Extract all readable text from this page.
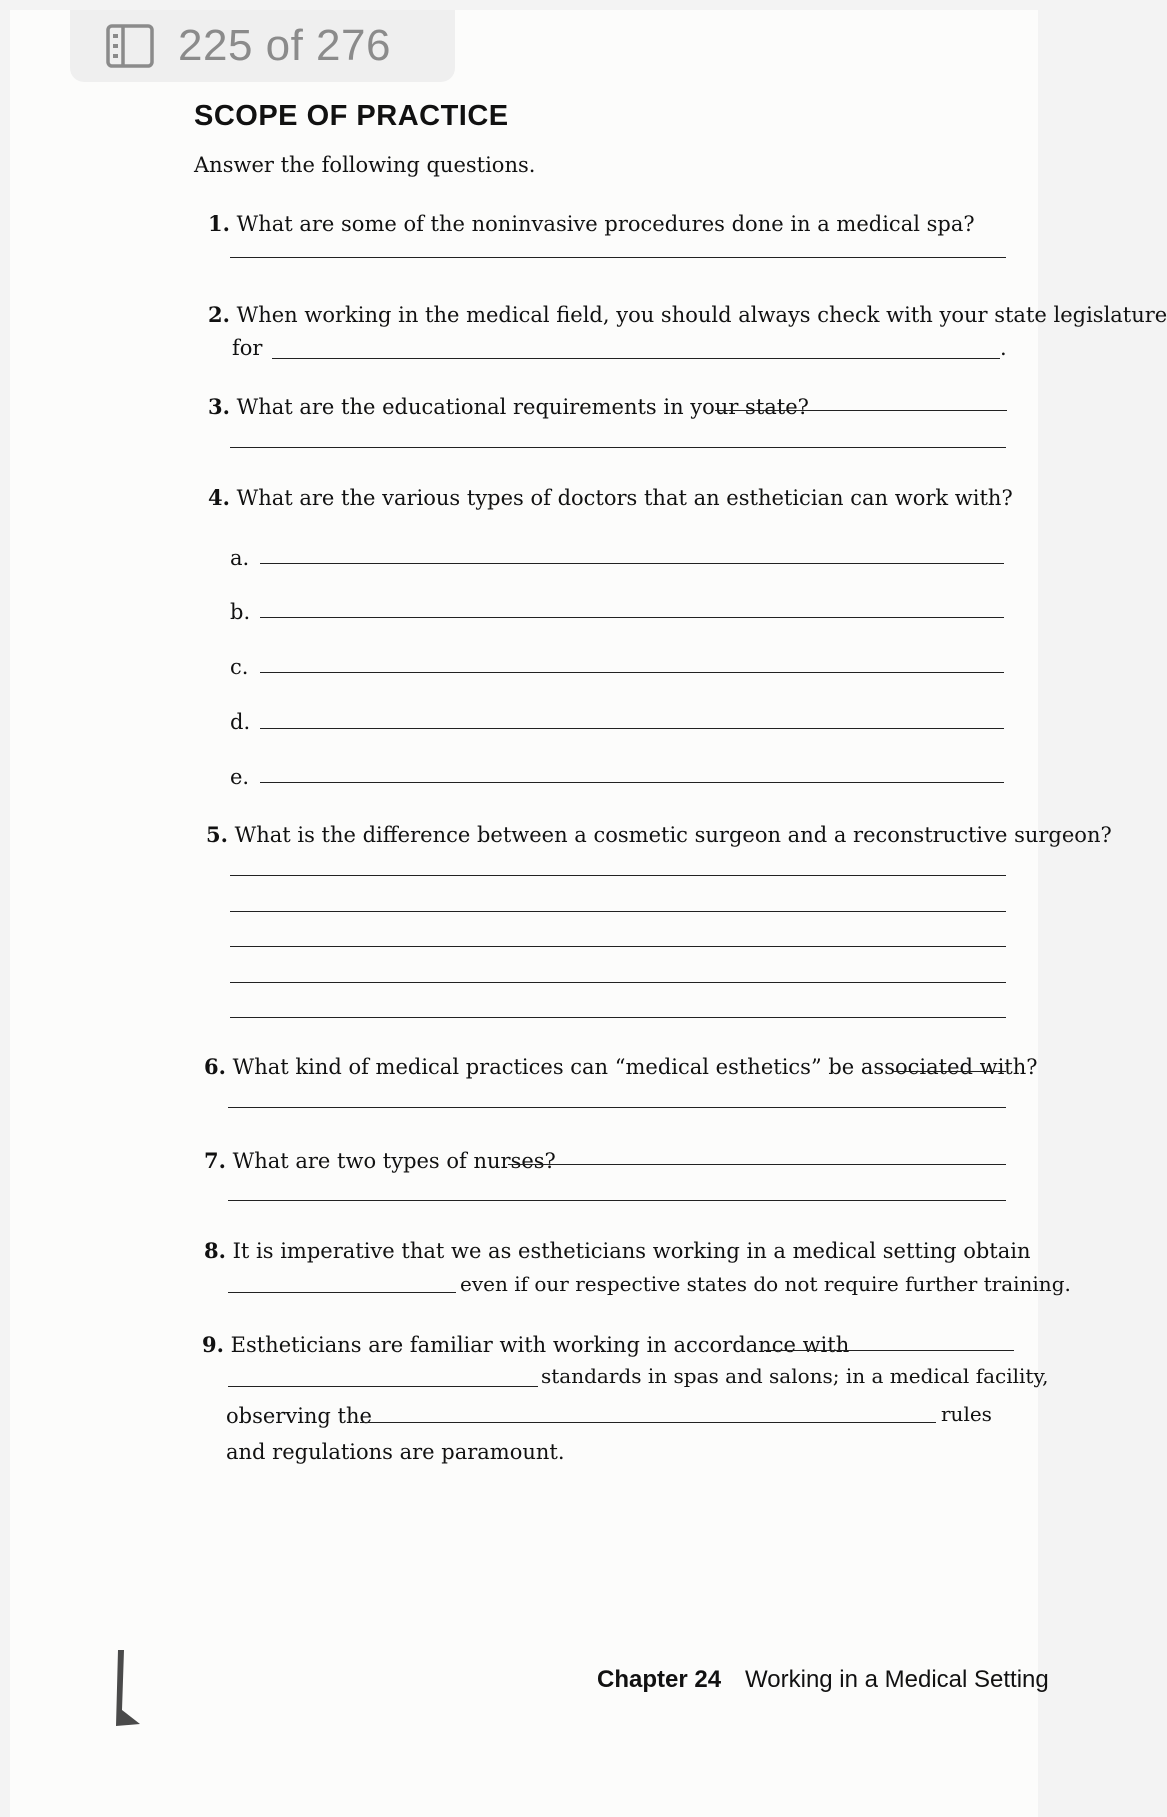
225 of 276
SCOPE OF PRACTICE
Answer the following questions.
1. What are some of the noninvasive procedures done in a medical spa?
2. When working in the medical field, you should always check with your state legislature
for	.
3. What are the educational requirements in your state?
4. What are the various types of doctors that an esthetician can work with?
a.
b.
c.
d.
e.
5. What is the difference between a cosmetic surgeon and a reconstructive surgeon?
6. What kind of medical practices can “medical esthetics” be associated with?
7. What are two types of nurses?
8. It is imperative that we as estheticians working in a medical setting obtain
even if our respective states do not require further training.
9. Estheticians are familiar with working in accordance with
standards in spas and salons; in a medical facility,
observing the	rules
and regulations are paramount.
Chapter 24 Working in a Medical Setting
